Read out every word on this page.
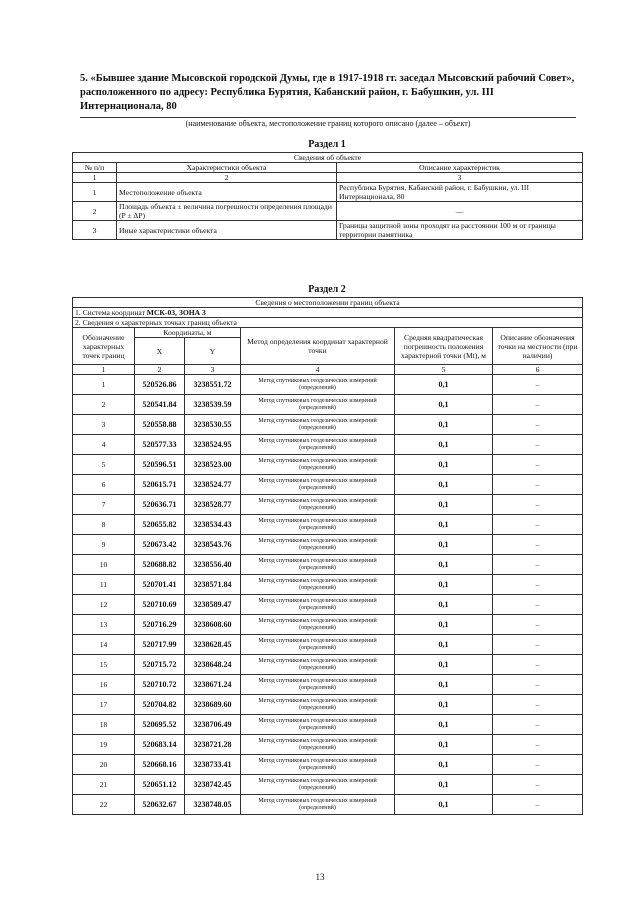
5. «Бывшее здание Мысовской городской Думы, где в 1917-1918 гг. заседал Мысовский рабочий Совет», расположенного по адресу: Республика Бурятия, Кабанский район, г. Бабушкин, ул. III Интернационала, 80
(наименование объекта, местоположение границ которого описано (далее – объект)
Раздел 1
Сведения об объекте		
№ п/п	Характеристики объекта	Описание характеристик
1	2	3
1	Местоположение объекта	Республика Бурятия, Кабанский район, г. Бабушкин, ул. III Интернационала, 80
2	Площадь объекта ± величина погрешности определения площади (P ± ΔP)	—
3	Иные характеристики объекта	Границы защитной зоны проходят на расстоянии 100 м от границы территории памятника
Раздел 2
Сведения о местоположении границ объекта					
1. Система координат МСК-03, ЗОНА 3					
2. Сведения о характерных точках границ объекта					
Обозначение характерных точек границ	Координаты, м		Метод определения координат характерной точки	Средняя квадратическая погрешность положения характерной точки (Mt), м	Описание обозначения точки на местности (при наличии)
	X	Y			
1	2	3	4	5	6
1	520526.86	3238551.72	Метод спутниковых геодезических измерений (определений)	0,1	–
2	520541.84	3238539.59	Метод спутниковых геодезических измерений (определений)	0,1	–
3	520558.88	3238530.55	Метод спутниковых геодезических измерений (определений)	0,1	–
4	520577.33	3238524.95	Метод спутниковых геодезических измерений (определений)	0,1	–
5	520596.51	3238523.00	Метод спутниковых геодезических измерений (определений)	0,1	–
6	520615.71	3238524.77	Метод спутниковых геодезических измерений (определений)	0,1	–
7	520636.71	3238528.77	Метод спутниковых геодезических измерений (определений)	0,1	–
8	520655.82	3238534.43	Метод спутниковых геодезических измерений (определений)	0,1	–
9	520673.42	3238543.76	Метод спутниковых геодезических измерений (определений)	0,1	–
10	520688.82	3238556.40	Метод спутниковых геодезических измерений (определений)	0,1	–
11	520701.41	3238571.84	Метод спутниковых геодезических измерений (определений)	0,1	–
12	520710.69	3238589.47	Метод спутниковых геодезических измерений (определений)	0,1	–
13	520716.29	3238608.60	Метод спутниковых геодезических измерений (определений)	0,1	–
14	520717.99	3238628.45	Метод спутниковых геодезических измерений (определений)	0,1	–
15	520715.72	3238648.24	Метод спутниковых геодезических измерений (определений)	0,1	–
16	520710.72	3238671.24	Метод спутниковых геодезических измерений (определений)	0,1	–
17	520704.82	3238689.60	Метод спутниковых геодезических измерений (определений)	0,1	–
18	520695.52	3238706.49	Метод спутниковых геодезических измерений (определений)	0,1	–
19	520683.14	3238721.28	Метод спутниковых геодезических измерений (определений)	0,1	–
20	520668.16	3238733.41	Метод спутниковых геодезических измерений (определений)	0,1	–
21	520651.12	3238742.45	Метод спутниковых геодезических измерений (определений)	0,1	–
22	520632.67	3238748.05	Метод спутниковых геодезических измерений (определений)	0,1	–
13
